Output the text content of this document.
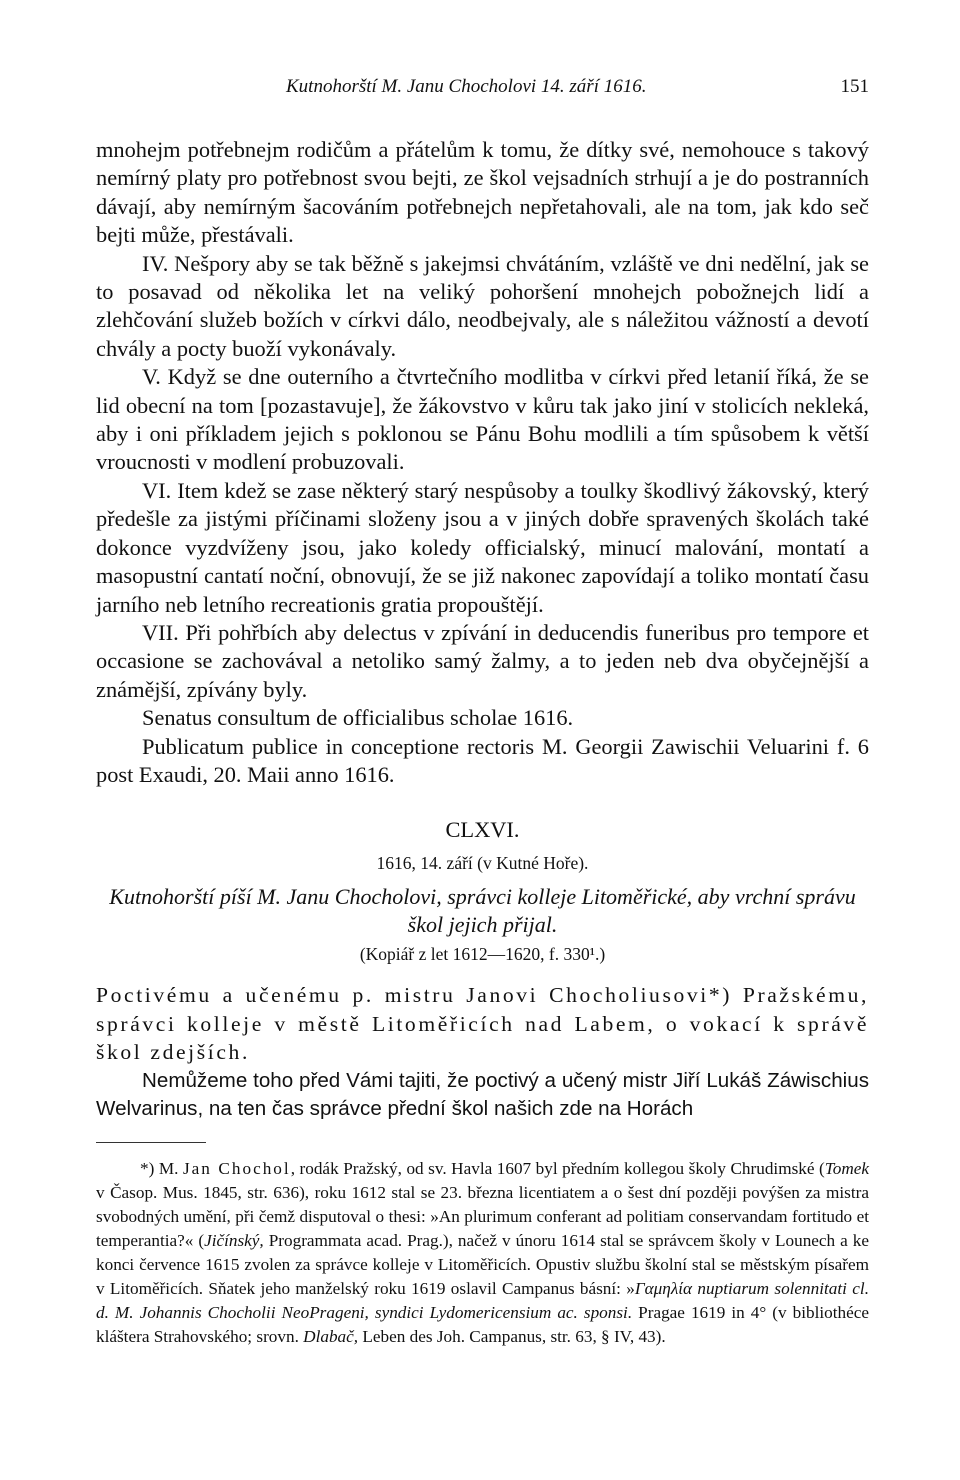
Kutnohorští M. Janu Chocholovi 14. září 1616.	151

mnohejm potřebnejm rodičům a přátelům k tomu, že dítky své, nemohouce s takový nemírný platy pro potřebnost svou bejti, ze škol vejsadních strhují a je do postranních dávají, aby nemírným šacováním potřebnejch nepřetahovali, ale na tom, jak kdo seč bejti může, přestávali.

IV. Nešpory aby se tak běžně s jakejmsi chvátáním, vzláště ve dni nedělní, jak se to posavad od několika let na veliký pohoršení mnohejch pobožnejch lidí a zlehčování služeb božích v církvi dálo, neodbejvaly, ale s náležitou vážností a devotí chvály a pocty buoží vykonávaly.

V. Když se dne outerního a čtvrtečního modlitba v církvi před letanií říká, že se lid obecní na tom [pozastavuje], že žákovstvo v kůru tak jako jiní v stolicích nekleká, aby i oni příkladem jejich s poklonou se Pánu Bohu modlili a tím spůsobem k větší vroucnosti v modlení probuzovali.

VI. Item kdež se zase některý starý nespůsoby a toulky škodlivý žákovský, který předešle za jistými příčinami složeny jsou a v jiných dobře spravených školách také dokonce vyzdvíženy jsou, jako koledy officialský, minucí malování, montatí a masopustní cantatí noční, obnovují, že se již nakonec zapovídají a toliko montatí času jarního neb letního recreationis gratia propouštějí.

VII. Při pohřbích aby delectus v zpívání in deducendis funeribus pro tempore et occasione se zachovával a netoliko samý žalmy, a to jeden neb dva obyčejnější a známější, zpívány byly.

Senatus consultum de officialibus scholae 1616.

Publicatum publice in conceptione rectoris M. Georgii Zawischii Veluarini f. 6 post Exaudi, 20. Maii anno 1616.

CLXVI.
1616, 14. září (v Kutné Hoře).
Kutnohorští píší M. Janu Chocholovi, správci kolleje Litoměřické, aby vrchní správu škol jejich přijal.
(Kopiář z let 1612—1620, f. 330¹.)
Poctivému a učenému p. mistru Janovi Chocholiusovi*) Pražskému, správci kolleje v městě Litoměřicích nad Labem, o vokací k správě škol zdejších.

Nemůžeme toho před Vámi tajiti, že poctivý a učený mistr Jiří Lukáš Záwischius Welvarinus, na ten čas správce přední škol našich zde na Horách

*) M. Jan Chochol, rodák Pražský, od sv. Havla 1607 byl předním kollegou školy Chrudimské (Tomek v Časop. Mus. 1845, str. 636), roku 1612 stal se 23. března licentiatem a o šest dní později povýšen za mistra svobodných umění, při čemž disputoval o thesi: »An plurimum conferant ad politiam conservandam fortitudo et temperantia?« (Jičínský, Programmata acad. Prag.), načež v únoru 1614 stal se správcem školy v Lounech a ke konci července 1615 zvolen za správce kolleje v Litoměřicích. Opustiv službu školní stal se městským písařem v Litoměřicích. Sňatek jeho manželský roku 1619 oslavil Campanus básní: »Γαμηλία nuptiarum solennitati cl. d. M. Johannis Chocholii NeoPrageni, syndici Lydomericensium ac. sponsi. Pragae 1619 in 4° (v bibliothéce kláštera Strahovského; srovn. Dlabač, Leben des Joh. Campanus, str. 63, § IV, 43).
